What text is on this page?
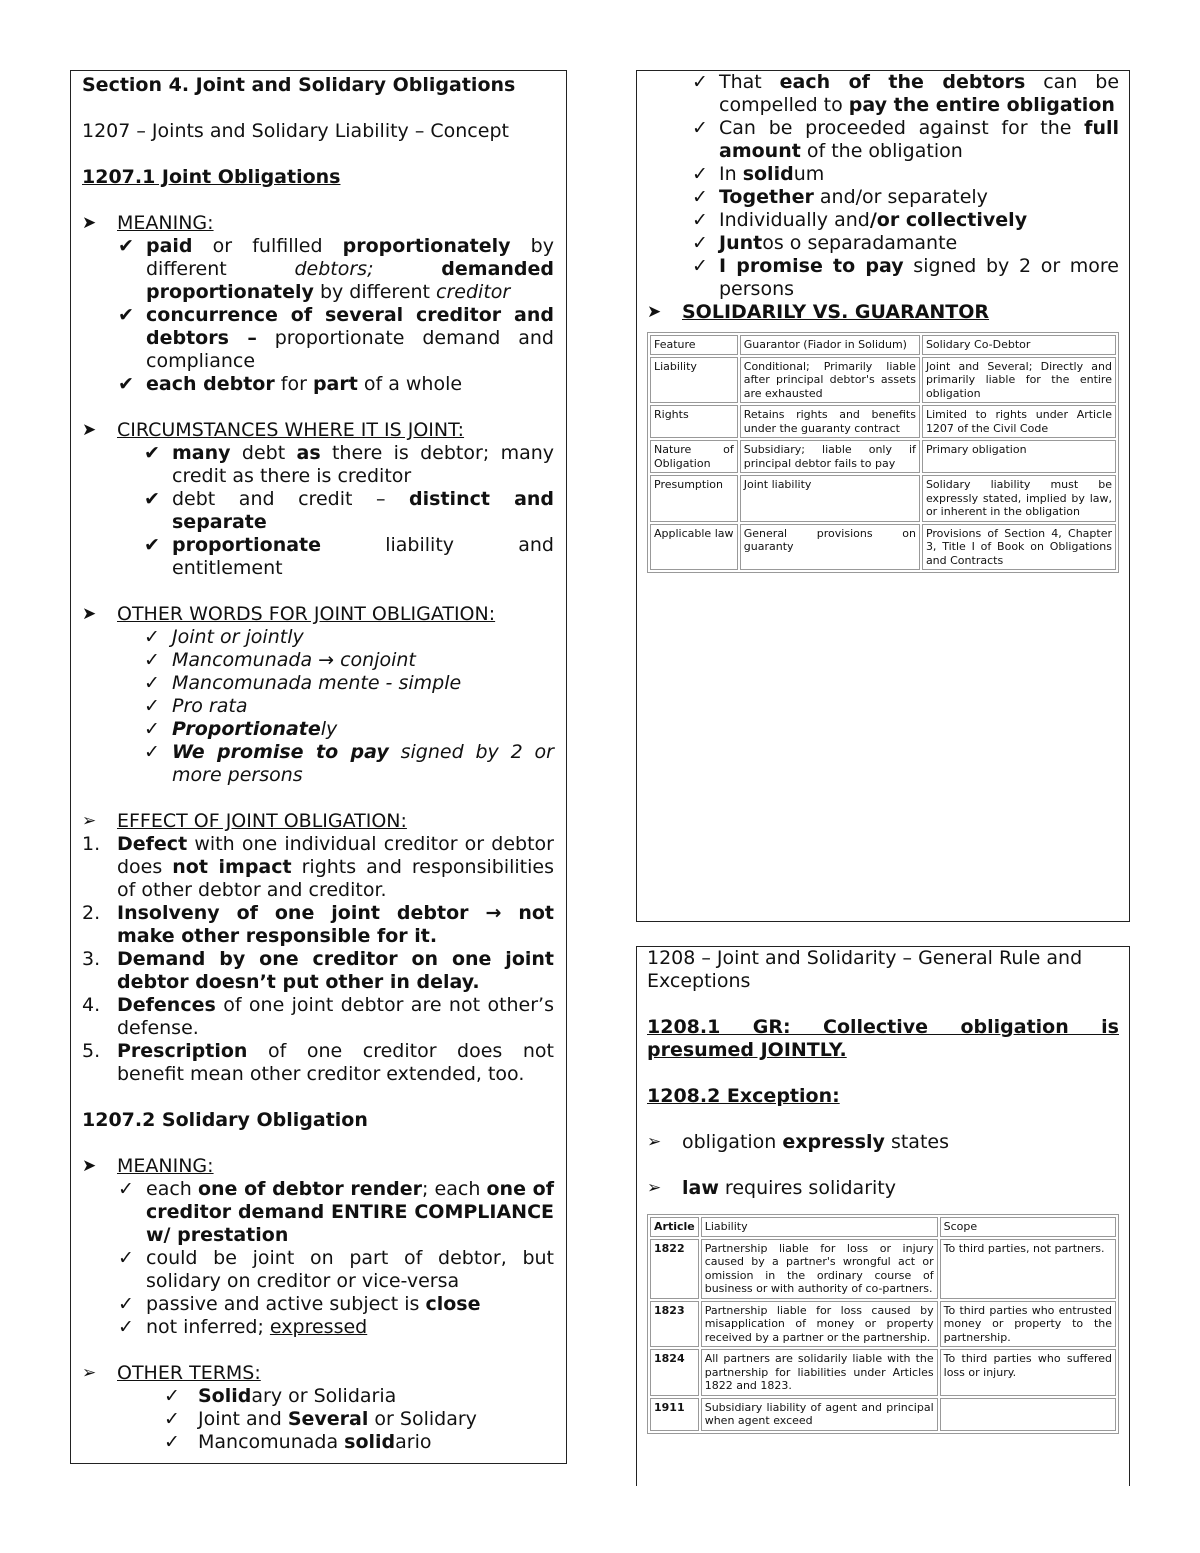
Section 4. Joint and Solidary Obligations

1207 – Joints and Solidary Liability – Concept

1207.1 Joint Obligations

➤ MEANING:

✔ paid or fulfilled proportionately by different debtors;	demanded proportionately by different creditor

✔ concurrence of several creditor and debtors – proportionate demand and compliance

✔ each debtor for part of a whole

➤ CIRCUMSTANCES WHERE IT IS JOINT:

✔ many debt as there is debtor; many credit as there is creditor

✔ debt and credit – distinct and separate

✔ proportionate liability and entitlement

➤ OTHER WORDS FOR JOINT OBLIGATION:

✓ Joint or jointly

✓ Mancomunada → conjoint

✓ Mancomunada mente - simple

✓ Pro rata

✓ Proportionately

✓ We promise to pay signed by 2 or more persons

➢ EFFECT OF JOINT OBLIGATION:

1. Defect with one individual creditor or debtor does not impact rights and responsibilities of other debtor and creditor.
2. Insolveny of one joint debtor → not make other responsible for it.
3. Demand by one creditor on one joint debtor doesn’t put other in delay.
4. Defences of one joint debtor are not other’s defense.
5. Prescription of one creditor does not benefit mean other creditor extended, too.

1207.2 Solidary Obligation

➤ MEANING:

✓ each one of debtor render; each one of creditor demand ENTIRE COMPLIANCE w/ prestation

✓ could be joint on part of debtor, but solidary on creditor or vice-versa

✓ passive and active subject is close

✓ not inferred; expressed

➢ OTHER TERMS:

✓ Solidary or Solidaria

✓ Joint and Several or Solidary

✓ Mancomunada solidario

✓ That each of the debtors can be compelled to pay the entire obligation

✓ Can be proceeded against for the full amount of the obligation

✓ In solidum

✓ Together and/or separately

✓ Individually and/or collectively

✓ Juntos o separadamante

✓ I promise to pay signed by 2 or more persons

➤ SOLIDARILY VS. GUARANTOR

Feature	Guarantor (Fiador in Solidum)	Solidary Co-Debtor
Liability	Conditional; Primarily liable after principal debtor's assets are exhausted	Joint and Several; Directly and primarily liable for the entire obligation
Rights	Retains rights and benefits under the guaranty contract	Limited to rights under Article 1207 of the Civil Code
Nature of Obligation	Subsidiary; liable only if principal debtor fails to pay	Primary obligation
Presumption	Joint liability	Solidary liability must be expressly stated, implied by law, or inherent in the obligation
Applicable law	General provisions on guaranty	Provisions of Section 4, Chapter 3, Title I of Book on Obligations and Contracts

1208 – Joint and Solidarity – General Rule and Exceptions

1208.1 GR: Collective obligation is presumed JOINTLY.

1208.2 Exception:

➢ obligation expressly states

➢ law requires solidarity

Article	Liability	Scope
1822	Partnership liable for loss or injury caused by a partner's wrongful act or omission in the ordinary course of business or with authority of co-partners.	To third parties, not partners.
1823	Partnership liable for loss caused by misapplication of money or property received by a partner or the partnership.	To third parties who entrusted money or property to the partnership.
1824	All partners are solidarily liable with the partnership for liabilities under Articles 1822 and 1823.	To third parties who suffered loss or injury.
1911	Subsidiary liability of agent and principal when agent exceed	
